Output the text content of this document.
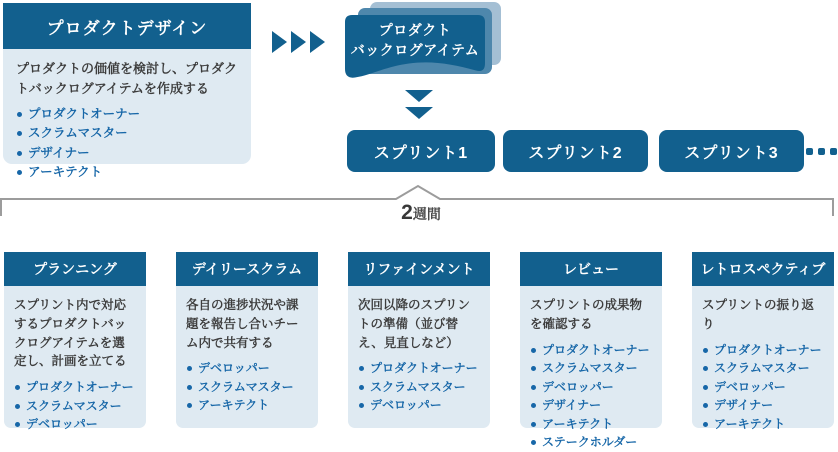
プロダクトデザイン

プロダクトの価値を検討し、プロダクトバックログアイテムを作成する

プロダクトオーナー
スクラムマスター
デザイナー
アーキテクト
プロダクト
バックログアイテム
スプリント1	スプリント2	スプリント3
2週間
プランニング

スプリント内で対応するプロダクトバックログアイテムを選定し、計画を立てる

プロダクトオーナー
スクラムマスター
デベロッパー
デイリースクラム

各自の進捗状況や課題を報告し合いチーム内で共有する

デベロッパー
スクラムマスター
アーキテクト
リファインメント

次回以降のスプリントの準備（並び替え、見直しなど）

プロダクトオーナー
スクラムマスター
デベロッパー
レビュー

スプリントの成果物を確認する

プロダクトオーナー
スクラムマスター
デベロッパー
デザイナー
アーキテクト
ステークホルダー
レトロスペクティブ

スプリントの振り返り

プロダクトオーナー
スクラムマスター
デベロッパー
デザイナー
アーキテクト
